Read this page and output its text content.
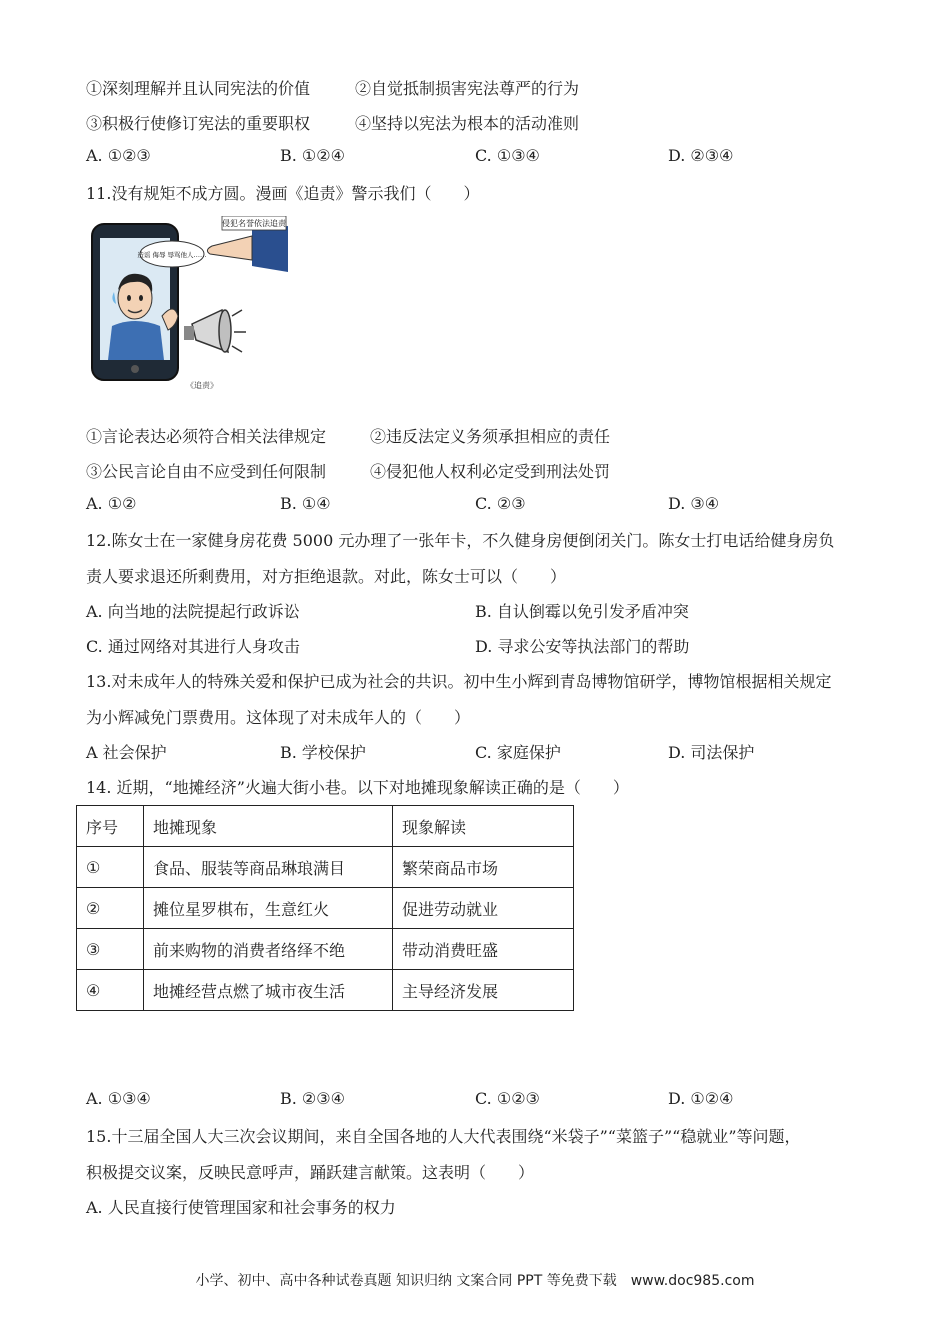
①深刻理解并且认同宪法的价值	②自觉抵制损害宪法尊严的行为
③积极行使修订宪法的重要职权	④坚持以宪法为根本的活动准则
A. ①②③	B. ①②④	C. ①③④	D. ②③④
11.没有规矩不成方圆。漫画《追责》警示我们（　　）
侵犯名誉依法追责
造谣 侮辱 辱骂他人……
《追责》
①言论表达必须符合相关法律规定	②违反法定义务须承担相应的责任
③公民言论自由不应受到任何限制	④侵犯他人权利必定受到刑法处罚
A. ①②	B. ①④	C. ②③	D. ③④
12.陈女士在一家健身房花费 5000 元办理了一张年卡，不久健身房便倒闭关门。陈女士打电话给健身房负
责人要求退还所剩费用，对方拒绝退款。对此，陈女士可以（　　）
A. 向当地的法院提起行政诉讼	B. 自认倒霉以免引发矛盾冲突
C. 通过网络对其进行人身攻击	D. 寻求公安等执法部门的帮助
13.对未成年人的特殊关爱和保护已成为社会的共识。初中生小辉到青岛博物馆研学，博物馆根据相关规定
为小辉减免门票费用。这体现了对未成年人的（　　）
A 社会保护	B. 学校保护	C. 家庭保护	D. 司法保护
14. 近期，“地摊经济”火遍大街小巷。以下对地摊现象解读正确的是（　　）
序号	地摊现象	现象解读
①	食品、服装等商品琳琅满目	繁荣商品市场
②	摊位星罗棋布，生意红火	促进劳动就业
③	前来购物的消费者络绎不绝	带动消费旺盛
④	地摊经营点燃了城市夜生活	主导经济发展
A. ①③④	B. ②③④	C. ①②③	D. ①②④
15.十三届全国人大三次会议期间，来自全国各地的人大代表围绕“米袋子”“菜篮子”“稳就业”等问题，
积极提交议案，反映民意呼声，踊跃建言献策。这表明（　　）
A. 人民直接行使管理国家和社会事务的权力
小学、初中、高中各种试卷真题 知识归纳 文案合同 PPT 等免费下载　www.doc985.com
